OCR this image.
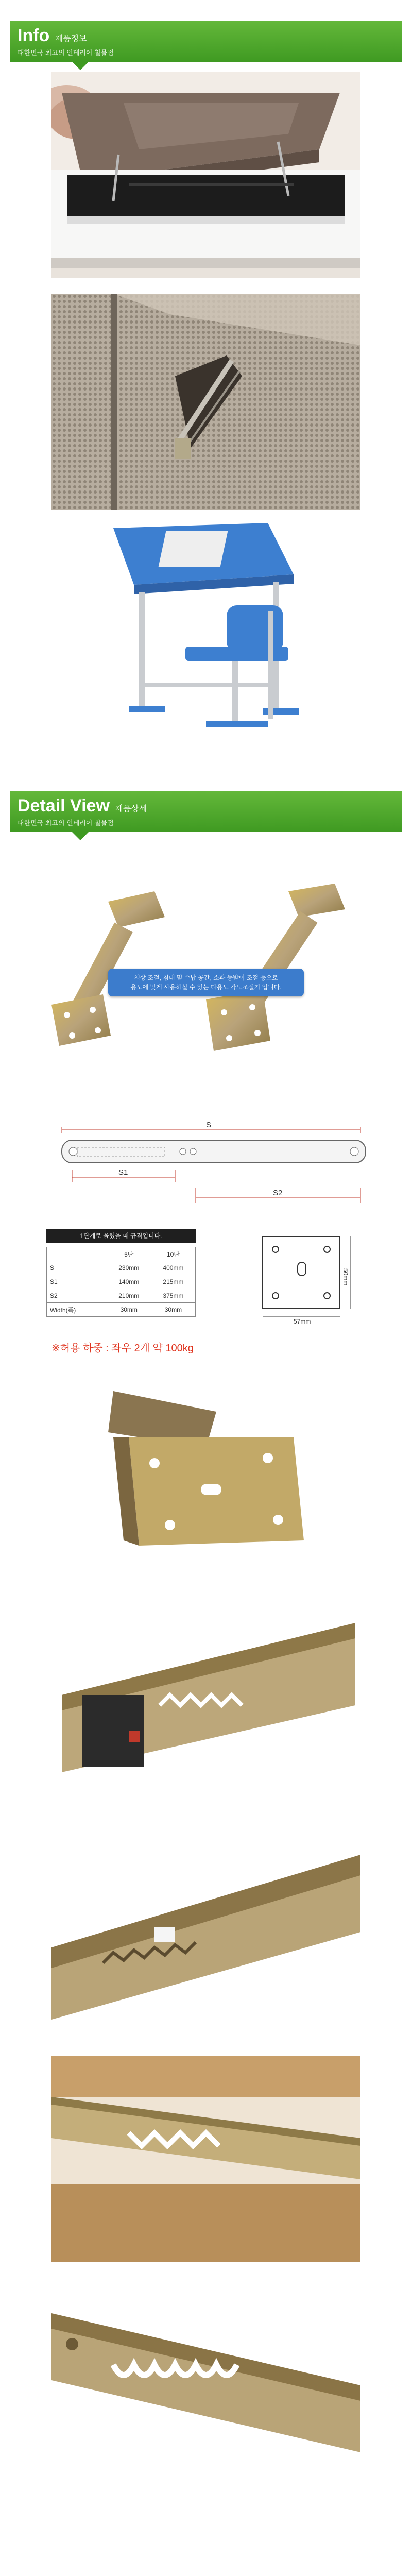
Info 제품정보
대한민국 최고의 인테리어 철물점
Detail View 제품상세
대한민국 최고의 인테리어 철물점
책상 조절, 침대 밑 수납 공간, 소파 등받이 조절 등으로
용도에 맞게 사용하실 수 있는 다용도 각도조절기 입니다.
S
S1
S2
1단계로 올렸을 때 규격입니다.
	5단	10단
S	230mm	400mm
S1	140mm	215mm
S2	210mm	375mm
Width(폭)	30mm	30mm
57mm
50mm
※허용 하중 : 좌우 2개 약 100kg
